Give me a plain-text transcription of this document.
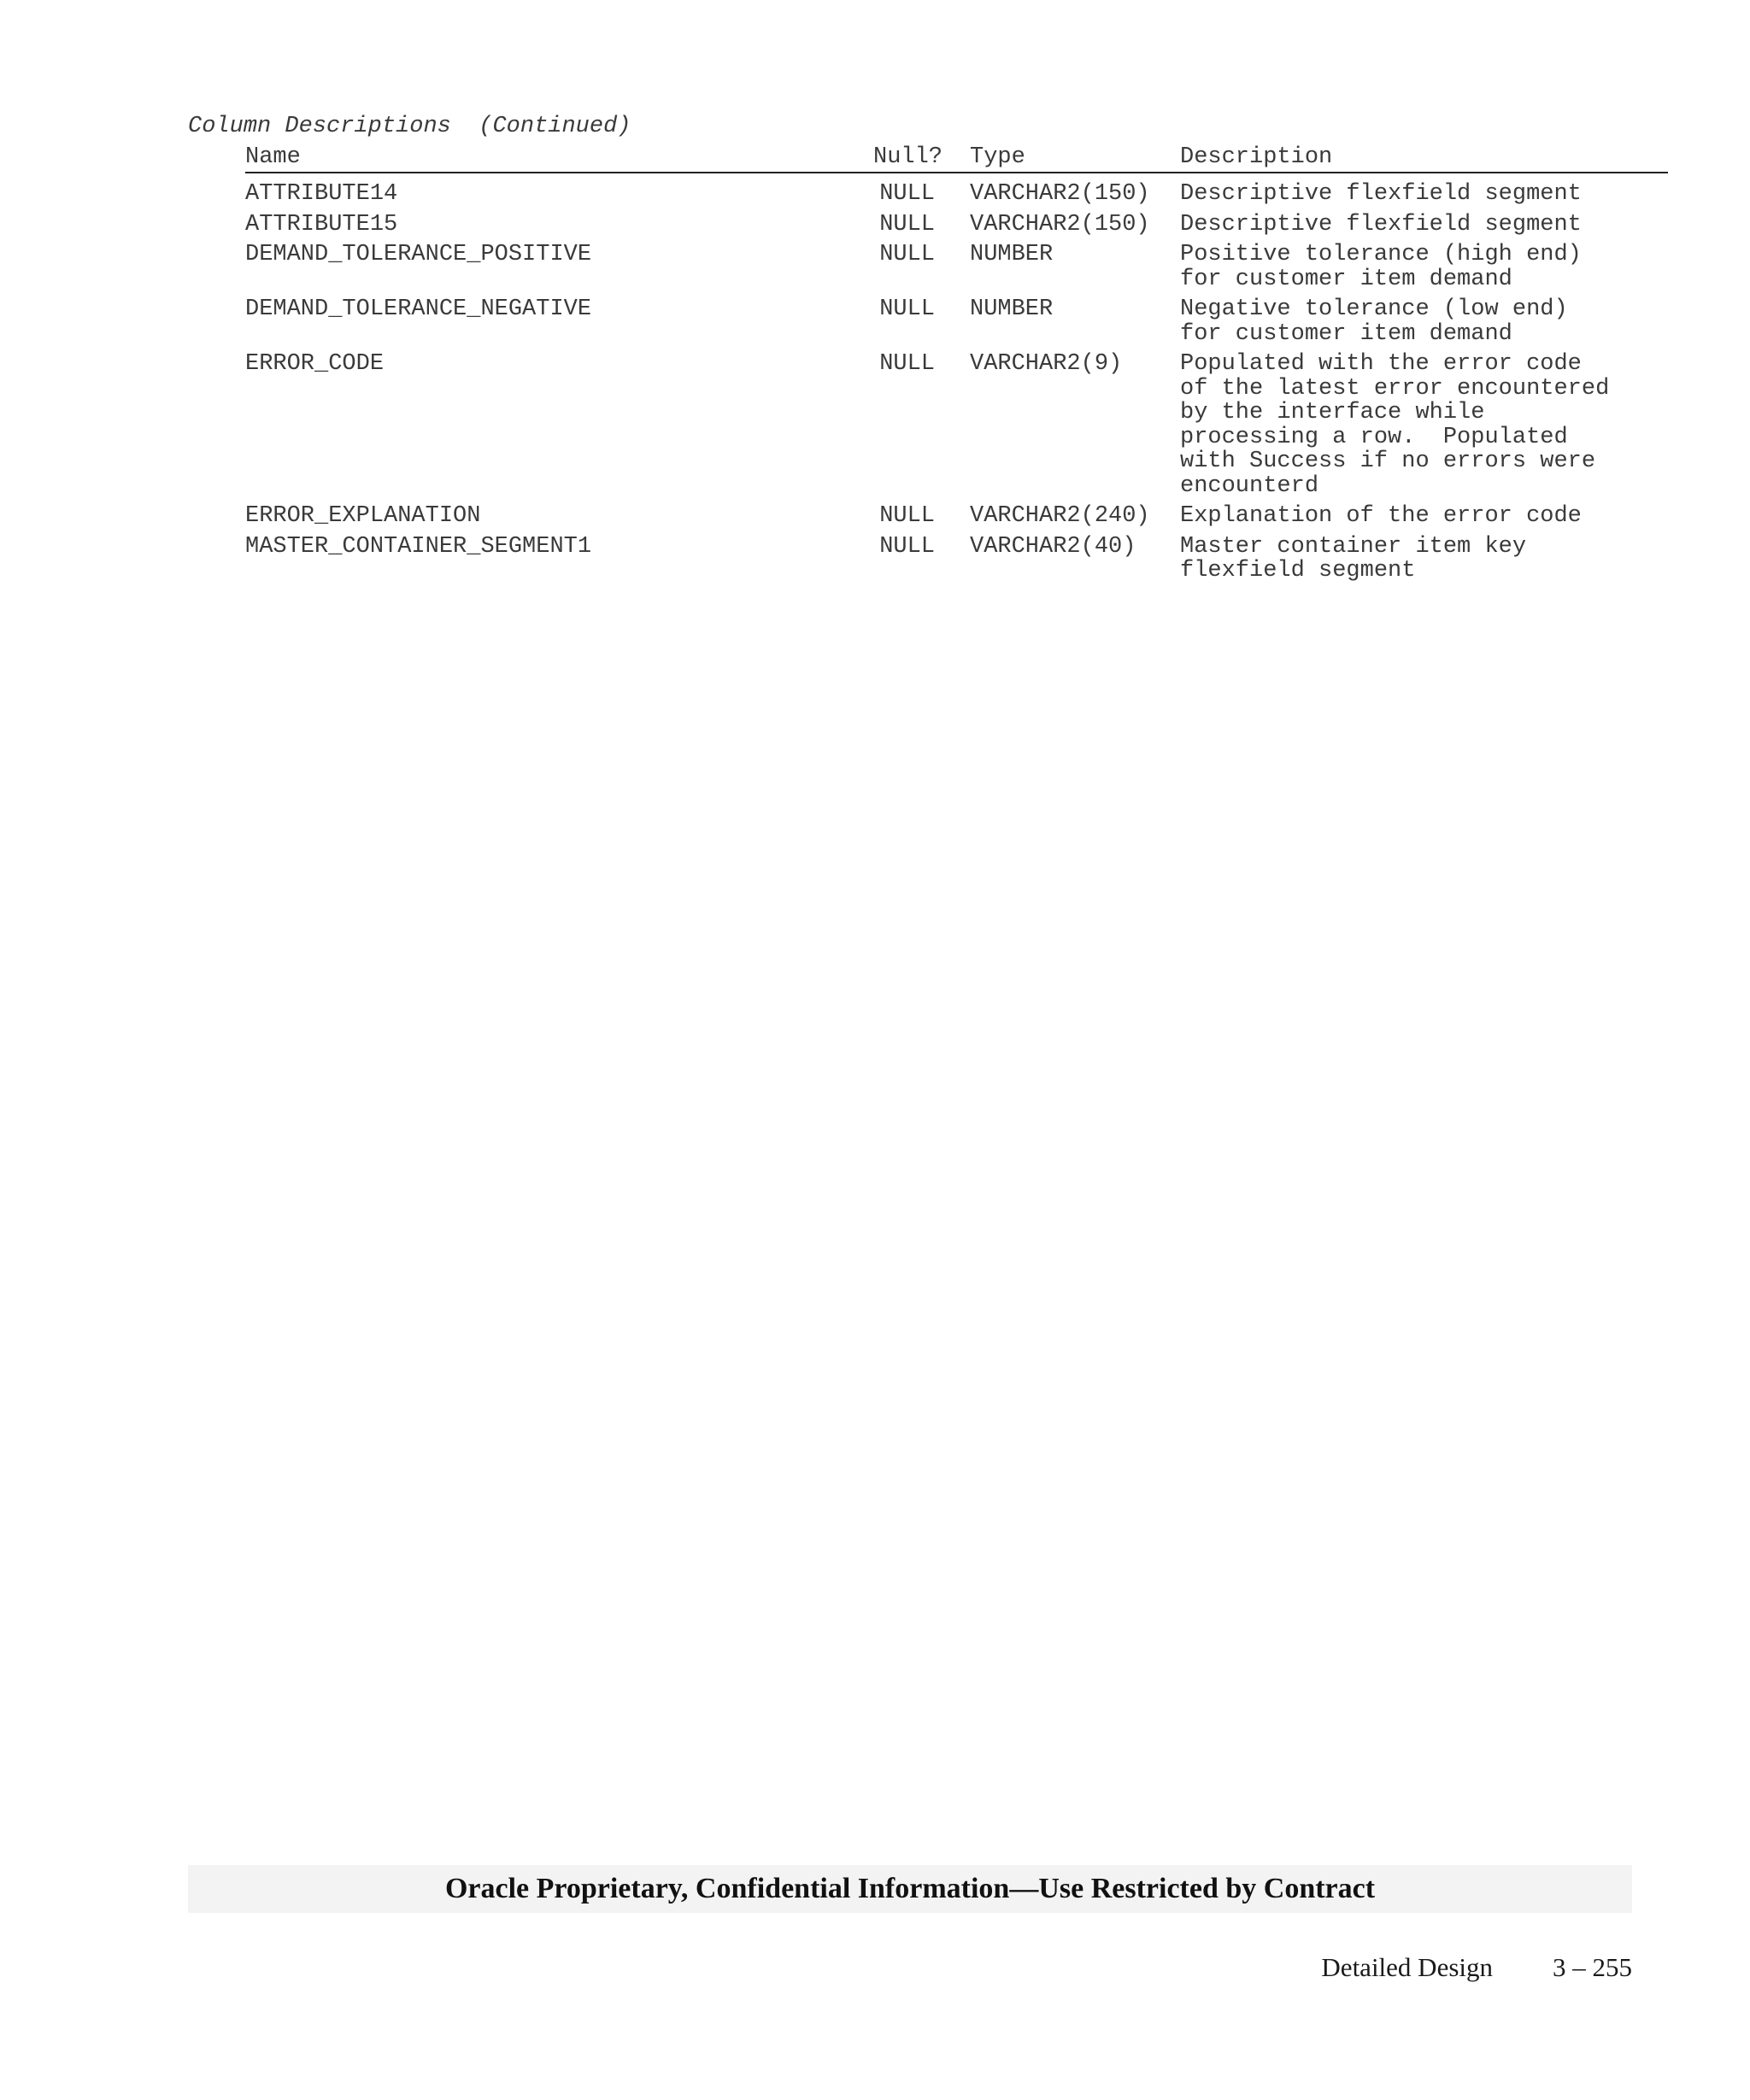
Column Descriptions  (Continued)
Name	Null? Type	Description
ATTRIBUTE14	NULL VARCHAR2(150) Descriptive flexfield segment
ATTRIBUTE15	NULL VARCHAR2(150) Descriptive flexfield segment
DEMAND_TOLERANCE_POSITIVE	NULL NUMBER	Positive tolerance (high end)
for customer item demand
DEMAND_TOLERANCE_NEGATIVE	NULL NUMBER	Negative tolerance (low end)
for customer item demand
ERROR_CODE	NULL VARCHAR2(9)	Populated with the error code
of the latest error encountered
by the interface while
processing a row.  Populated
with Success if no errors were
encounterd
ERROR_EXPLANATION	NULL VARCHAR2(240) Explanation of the error code
MASTER_CONTAINER_SEGMENT1	NULL VARCHAR2(40) Master container item key
flexfield segment
Oracle Proprietary, Confidential Information––Use Restricted by Contract
Detailed Design 3 – 255
